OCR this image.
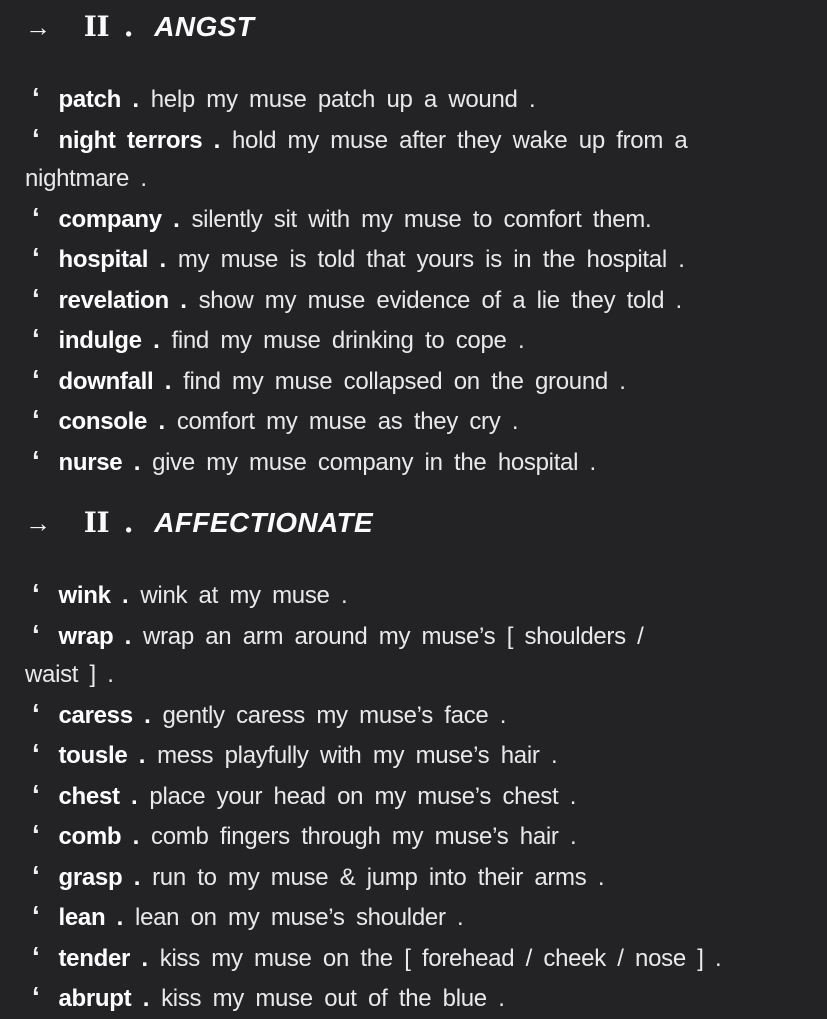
→ II . ANGST
‘ patch . help my muse patch up a wound .
‘ night terrors . hold my muse after they wake up from a
nightmare .
‘ company . silently sit with my muse to comfort them.
‘ hospital . my muse is told that yours is in the hospital .
‘ revelation . show my muse evidence of a lie they told .
‘ indulge . find my muse drinking to cope .
‘ downfall . find my muse collapsed on the ground .
‘ console . comfort my muse as they cry .
‘ nurse . give my muse company in the hospital .
→ II . AFFECTIONATE
‘ wink . wink at my muse .
‘ wrap . wrap an arm around my muse’s [ shoulders /
waist ] .
‘ caress . gently caress my muse’s face .
‘ tousle . mess playfully with my muse’s hair .
‘ chest . place your head on my muse’s chest .
‘ comb . comb fingers through my muse’s hair .
‘ grasp . run to my muse & jump into their arms .
‘ lean . lean on my muse’s shoulder .
‘ tender . kiss my muse on the [ forehead / cheek / nose ] .
‘ abrupt . kiss my muse out of the blue .
